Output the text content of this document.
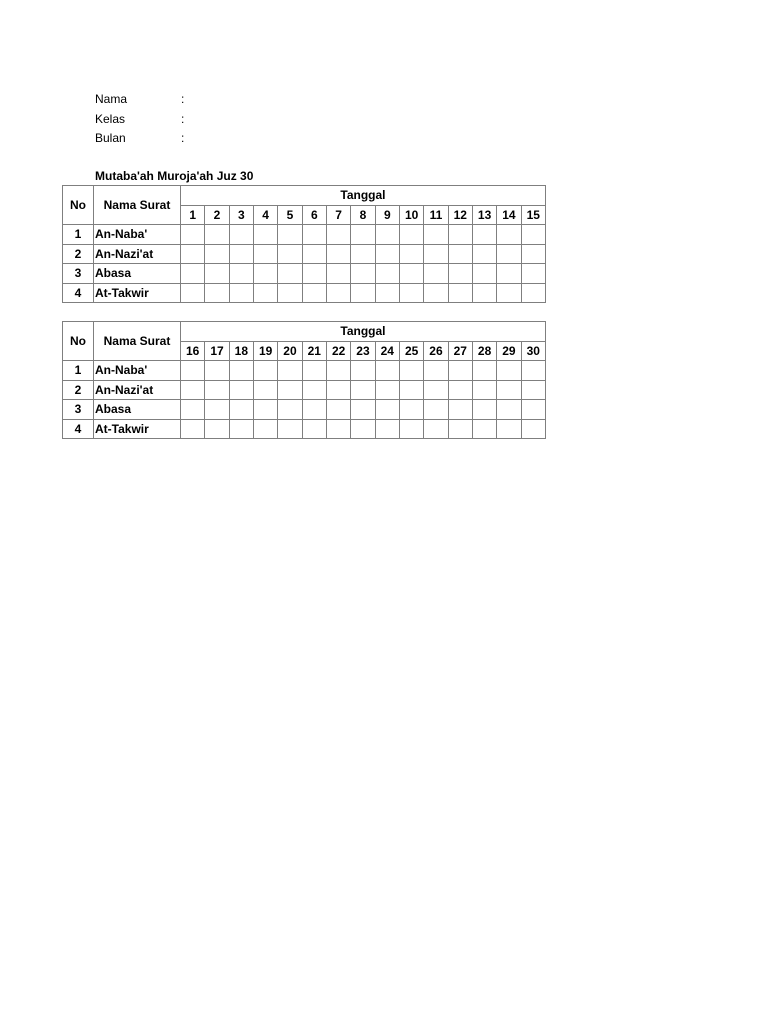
Nama	:
Kelas	:
Bulan	:
Mutaba'ah Muroja'ah Juz 30
No	Nama Surat	Tanggal														
		1	2	3	4	5	6	7	8	9	10	11	12	13	14	15
1	An-Naba'															
2	An-Nazi'at															
3	Abasa															
4	At-Takwir															
No	Nama Surat	Tanggal														
		16	17	18	19	20	21	22	23	24	25	26	27	28	29	30
1	An-Naba'															
2	An-Nazi'at															
3	Abasa															
4	At-Takwir															
